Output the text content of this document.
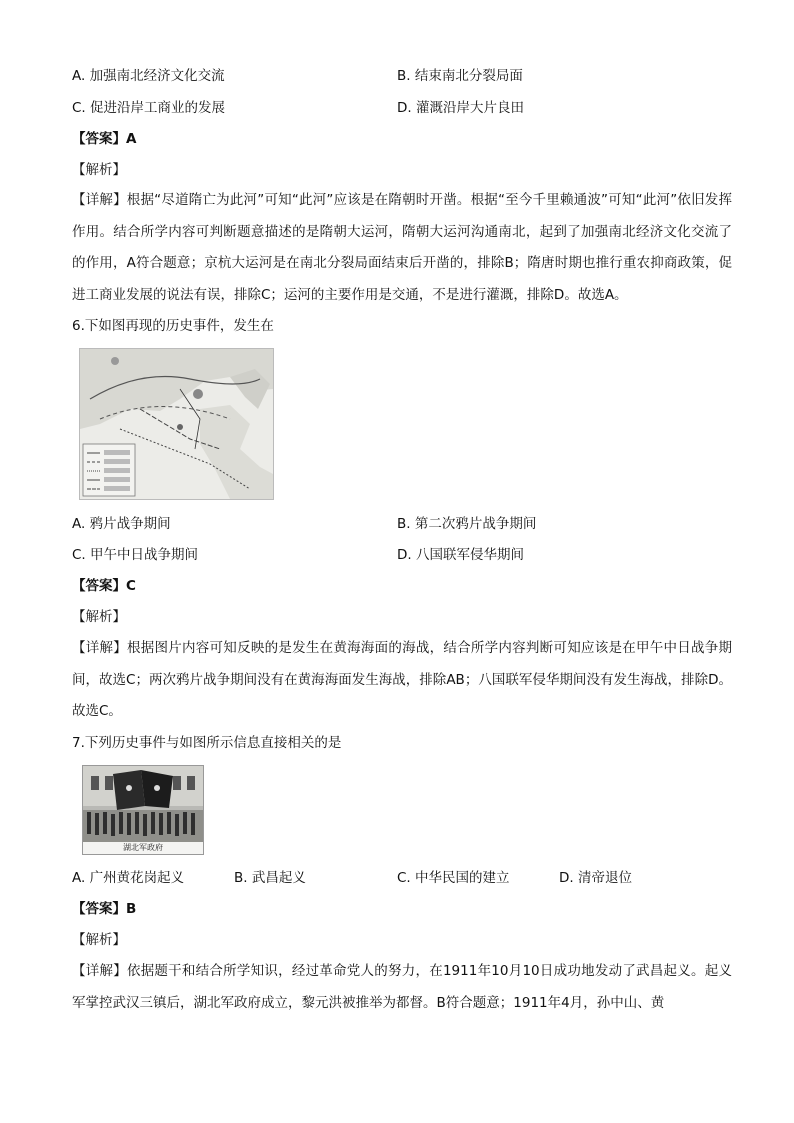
A. 加强南北经济文化交流	B. 结束南北分裂局面
C. 促进沿岸工商业的发展	D. 灌溉沿岸大片良田
【答案】A
【解析】
【详解】根据“尽道隋亡为此河”可知“此河”应该是在隋朝时开凿。根据“至今千里赖通波”可知“此河”依旧发挥作用。结合所学内容可判断题意描述的是隋朝大运河，隋朝大运河沟通南北，起到了加强南北经济文化交流了的作用，A符合题意；京杭大运河是在南北分裂局面结束后开凿的，排除B；隋唐时期也推行重农抑商政策，促进工商业发展的说法有误，排除C；运河的主要作用是交通，不是进行灌溉，排除D。故选A。
6.下如图再现的历史事件，发生在
A. 鸦片战争期间	B. 第二次鸦片战争期间
C. 甲午中日战争期间	D. 八国联军侵华期间
【答案】C
【解析】
【详解】根据图片内容可知反映的是发生在黄海海面的海战，结合所学内容判断可知应该是在甲午中日战争期间，故选C；两次鸦片战争期间没有在黄海海面发生海战，排除AB；八国联军侵华期间没有发生海战，排除D。故选C。
7.下列历史事件与如图所示信息直接相关的是
湖北军政府
A. 广州黄花岗起义	B. 武昌起义	C. 中华民国的建立	D. 清帝退位
【答案】B
【解析】
【详解】依据题干和结合所学知识，经过革命党人的努力，在1911年10月10日成功地发动了武昌起义。起义军掌控武汉三镇后，湖北军政府成立，黎元洪被推举为都督。B符合题意；1911年4月，孙中山、黄
